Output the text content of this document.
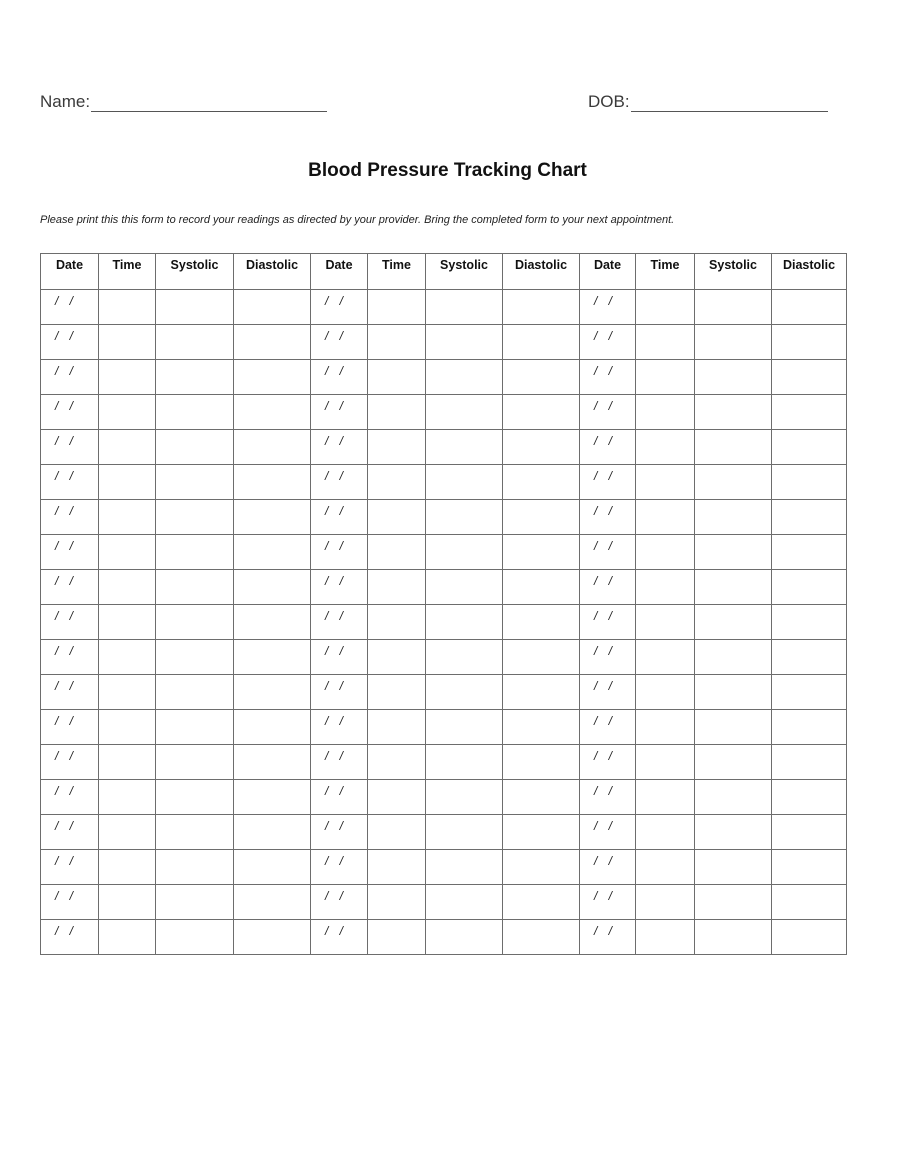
Name:	DOB:
Blood Pressure Tracking Chart
Please print this this form to record your readings as directed by your provider. Bring the completed form to your next appointment.
Date	Time	Systolic	Diastolic	Date	Time	Systolic	Diastolic	Date	Time	Systolic	Diastolic
/ /				/ /				/ /			
/ /				/ /				/ /			
/ /				/ /				/ /			
/ /				/ /				/ /			
/ /				/ /				/ /			
/ /				/ /				/ /			
/ /				/ /				/ /			
/ /				/ /				/ /			
/ /				/ /				/ /			
/ /				/ /				/ /			
/ /				/ /				/ /			
/ /				/ /				/ /			
/ /				/ /				/ /			
/ /				/ /				/ /			
/ /				/ /				/ /			
/ /				/ /				/ /			
/ /				/ /				/ /			
/ /				/ /				/ /			
/ /				/ /				/ /			
